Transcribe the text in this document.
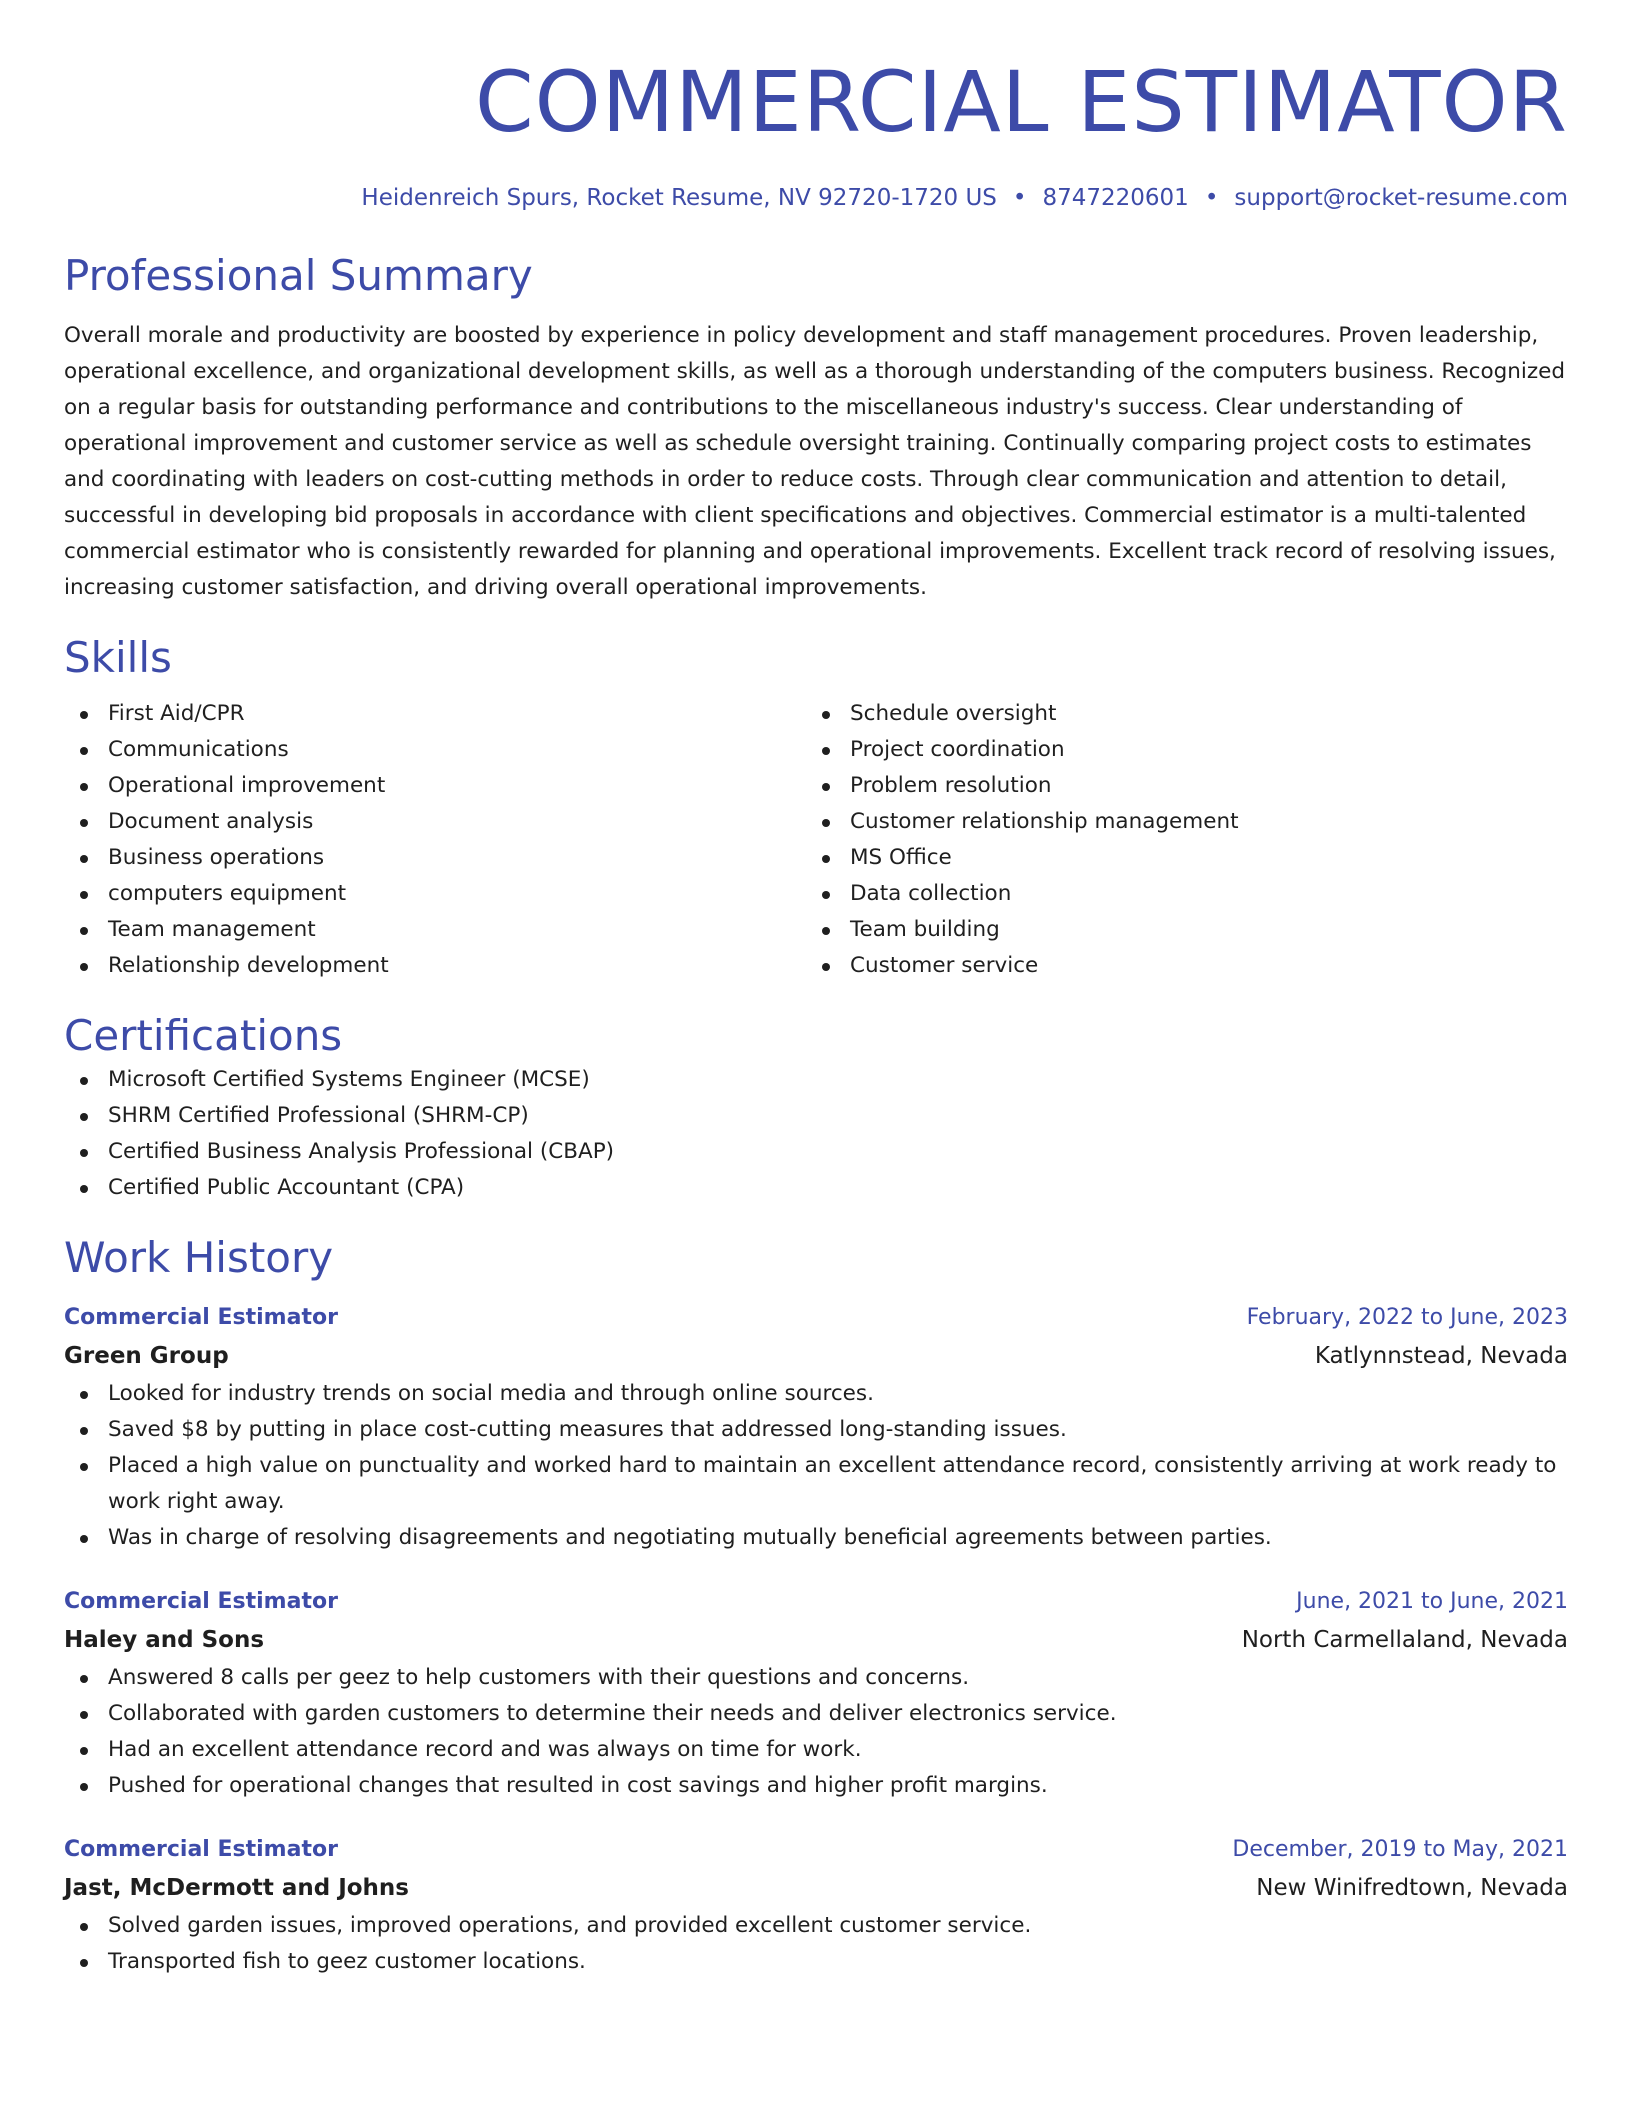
COMMERCIAL ESTIMATOR
Heidenreich Spurs, Rocket Resume, NV 92720-1720 US • 8747220601 • support@rocket-resume.com
Professional Summary
Overall morale and productivity are boosted by experience in policy development and staff management procedures. Proven leadership, operational excellence, and organizational development skills, as well as a thorough understanding of the computers business. Recognized on a regular basis for outstanding performance and contributions to the miscellaneous industry's success. Clear understanding of operational improvement and customer service as well as schedule oversight training. Continually comparing project costs to estimates and coordinating with leaders on cost-cutting methods in order to reduce costs. Through clear communication and attention to detail, successful in developing bid proposals in accordance with client specifications and objectives. Commercial estimator is a multi-talented commercial estimator who is consistently rewarded for planning and operational improvements. Excellent track record of resolving issues, increasing customer satisfaction, and driving overall operational improvements.
Skills
First Aid/CPR
Communications
Operational improvement
Document analysis
Business operations
computers equipment
Team management
Relationship development
Schedule oversight
Project coordination
Problem resolution
Customer relationship management
MS Office
Data collection
Team building
Customer service
Certifications
Microsoft Certified Systems Engineer (MCSE)
SHRM Certified Professional (SHRM-CP)
Certified Business Analysis Professional (CBAP)
Certified Public Accountant (CPA)
Work History
Commercial Estimator	February, 2022 to June, 2023
Green Group	Katlynnstead, Nevada
Looked for industry trends on social media and through online sources.
Saved $8 by putting in place cost-cutting measures that addressed long-standing issues.
Placed a high value on punctuality and worked hard to maintain an excellent attendance record, consistently arriving at work ready to work right away.
Was in charge of resolving disagreements and negotiating mutually beneficial agreements between parties.
Commercial Estimator	June, 2021 to June, 2021
Haley and Sons	North Carmellaland, Nevada
Answered 8 calls per geez to help customers with their questions and concerns.
Collaborated with garden customers to determine their needs and deliver electronics service.
Had an excellent attendance record and was always on time for work.
Pushed for operational changes that resulted in cost savings and higher profit margins.
Commercial Estimator	December, 2019 to May, 2021
Jast, McDermott and Johns	New Winifredtown, Nevada
Solved garden issues, improved operations, and provided excellent customer service.
Transported fish to geez customer locations.
